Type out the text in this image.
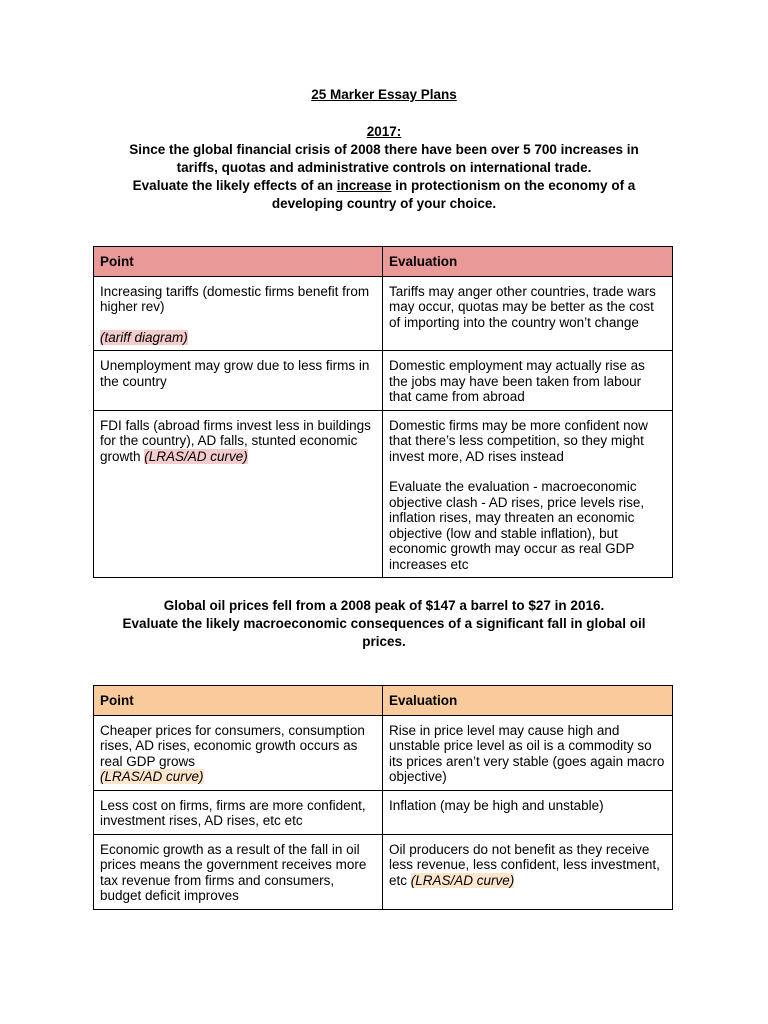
25 Marker Essay Plans
2017:
Since the global financial crisis of 2008 there have been over 5 700 increases in
tariffs, quotas and administrative controls on international trade.
Evaluate the likely effects of an increase in protectionism on the economy of a
developing country of your choice.
Point	Evaluation
Increasing tariffs (domestic firms benefit from higher rev)
(tariff diagram)	Tariffs may anger other countries, trade wars may occur, quotas may be better as the cost of importing into the country won’t change
Unemployment may grow due to less firms in the country	Domestic employment may actually rise as the jobs may have been taken from labour that came from abroad
FDI falls (abroad firms invest less in buildings for the country), AD falls, stunted economic growth (LRAS/AD curve)	Domestic firms may be more confident now that there’s less competition, so they might invest more, AD rises instead
Evaluate the evaluation - macroeconomic objective clash - AD rises, price levels rise, inflation rises, may threaten an economic objective (low and stable inflation), but economic growth may occur as real GDP increases etc
Global oil prices fell from a 2008 peak of $147 a barrel to $27 in 2016.
Evaluate the likely macroeconomic consequences of a significant fall in global oil
prices.
Point	Evaluation
Cheaper prices for consumers, consumption rises, AD rises, economic growth occurs as real GDP grows
(LRAS/AD curve)	Rise in price level may cause high and unstable price level as oil is a commodity so its prices aren’t very stable (goes again macro objective)
Less cost on firms, firms are more confident, investment rises, AD rises, etc etc	Inflation (may be high and unstable)
Economic growth as a result of the fall in oil prices means the government receives more tax revenue from firms and consumers, budget deficit improves	Oil producers do not benefit as they receive less revenue, less confident, less investment, etc (LRAS/AD curve)
